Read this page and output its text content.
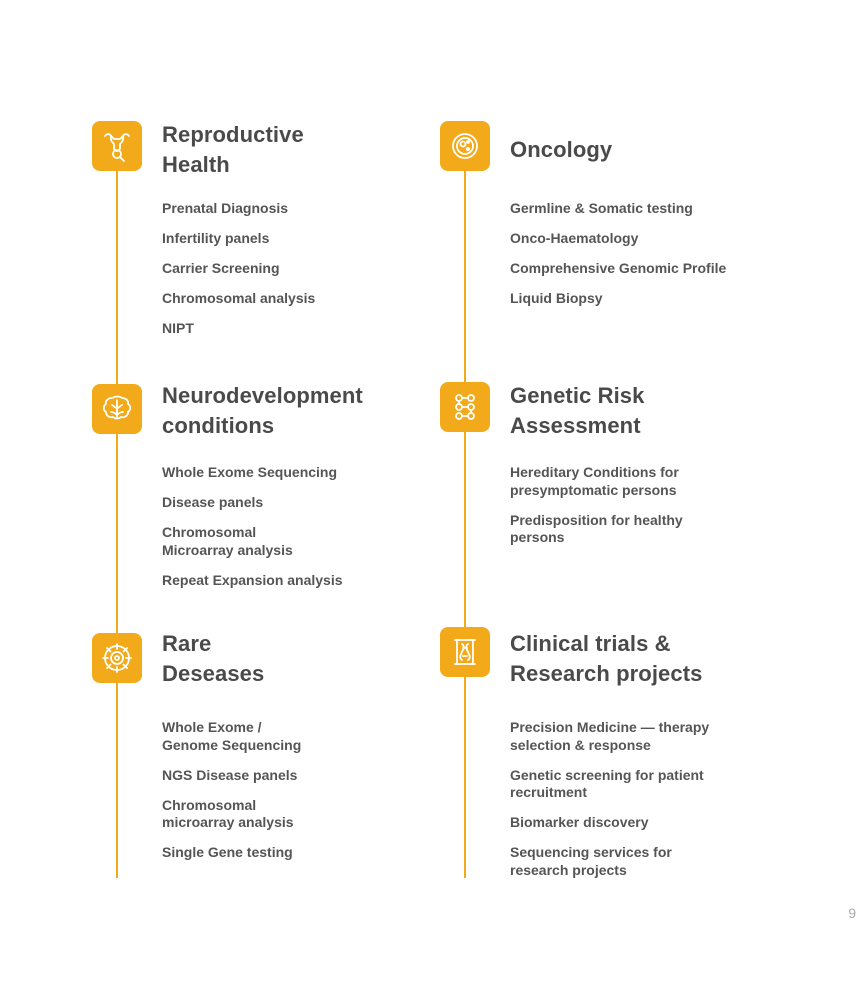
Reproductive
Health
Prenatal Diagnosis
Infertility panels
Carrier Screening
Chromosomal analysis
NIPT
Oncology
Germline & Somatic testing
Onco-Haematology
Comprehensive Genomic Profile
Liquid Biopsy
Neurodevelopment
conditions
Whole Exome Sequencing
Disease panels
Chromosomal
Microarray analysis
Repeat Expansion analysis
Genetic Risk
Assessment
Hereditary Conditions for
presymptomatic persons
Predisposition for healthy
persons
Rare
Deseases
Whole Exome /
Genome Sequencing
NGS Disease panels
Chromosomal
microarray analysis
Single Gene testing
Clinical trials &
Research projects
Precision Medicine — therapy
selection & response
Genetic screening for patient
recruitment
Biomarker discovery
Sequencing services for
research projects
9
